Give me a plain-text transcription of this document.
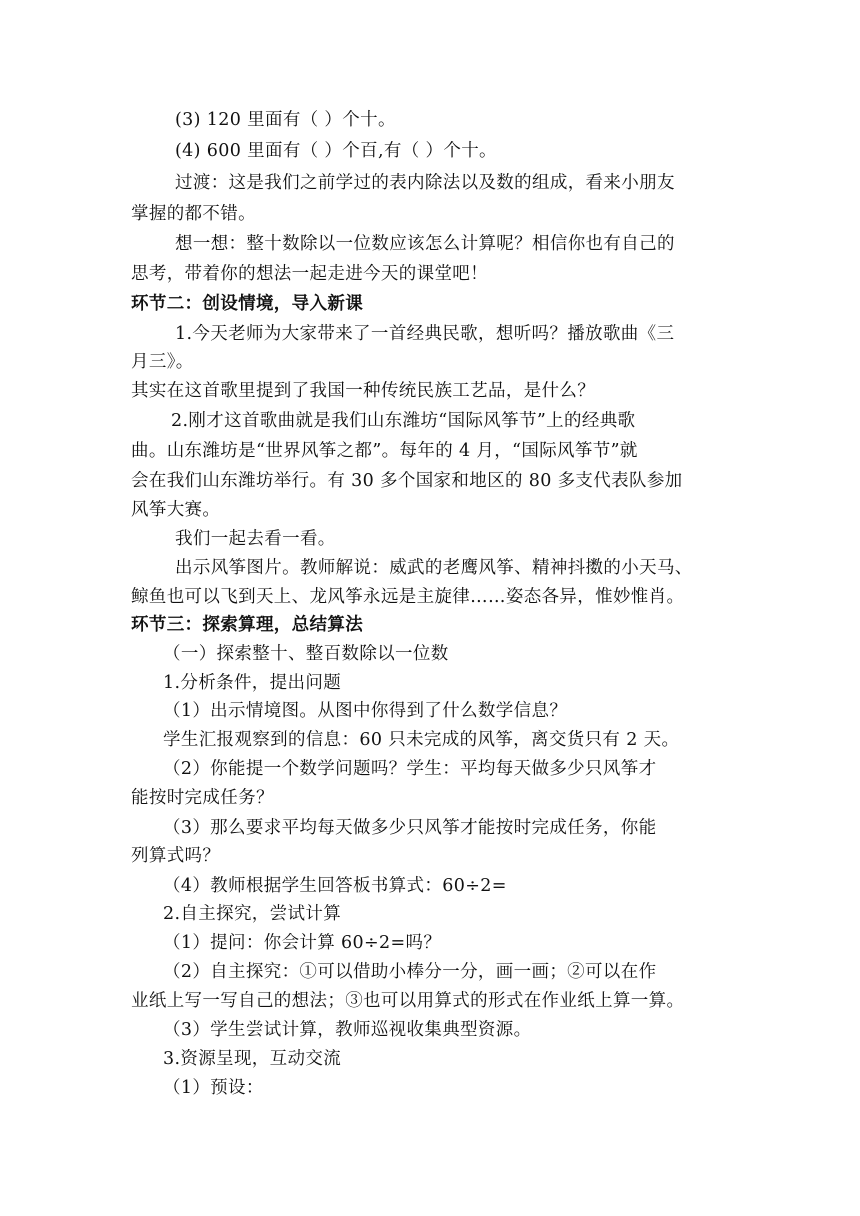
(3) 120 里面有（ ）个十。
(4) 600 里面有（ ）个百,有（ ）个十。
过渡：这是我们之前学过的表内除法以及数的组成，看来小朋友
掌握的都不错。
想一想：整十数除以一位数应该怎么计算呢？相信你也有自己的
思考，带着你的想法一起走进今天的课堂吧！
环节二：创设情境，导入新课
1.今天老师为大家带来了一首经典民歌，想听吗？播放歌曲《三
月三》。
其实在这首歌里提到了我国一种传统民族工艺品，是什么？
2.刚才这首歌曲就是我们山东潍坊“国际风筝节”上的经典歌
曲。山东潍坊是“世界风筝之都”。每年的 4 月，“国际风筝节”就
会在我们山东潍坊举行。有 30 多个国家和地区的 80 多支代表队参加
风筝大赛。
我们一起去看一看。
出示风筝图片。教师解说：威武的老鹰风筝、精神抖擞的小天马、
鲸鱼也可以飞到天上、龙风筝永远是主旋律……姿态各异，惟妙惟肖。
环节三：探索算理，总结算法
（一）探索整十、整百数除以一位数
1.分析条件，提出问题
（1）出示情境图。从图中你得到了什么数学信息？
学生汇报观察到的信息：60 只未完成的风筝，离交货只有 2 天。
（2）你能提一个数学问题吗？学生：平均每天做多少只风筝才
能按时完成任务？
（3）那么要求平均每天做多少只风筝才能按时完成任务，你能
列算式吗？
（4）教师根据学生回答板书算式：60÷2=
2.自主探究，尝试计算
（1）提问：你会计算 60÷2=吗？
（2）自主探究：①可以借助小棒分一分，画一画；②可以在作
业纸上写一写自己的想法；③也可以用算式的形式在作业纸上算一算。
（3）学生尝试计算，教师巡视收集典型资源。
3.资源呈现，互动交流
（1）预设：
